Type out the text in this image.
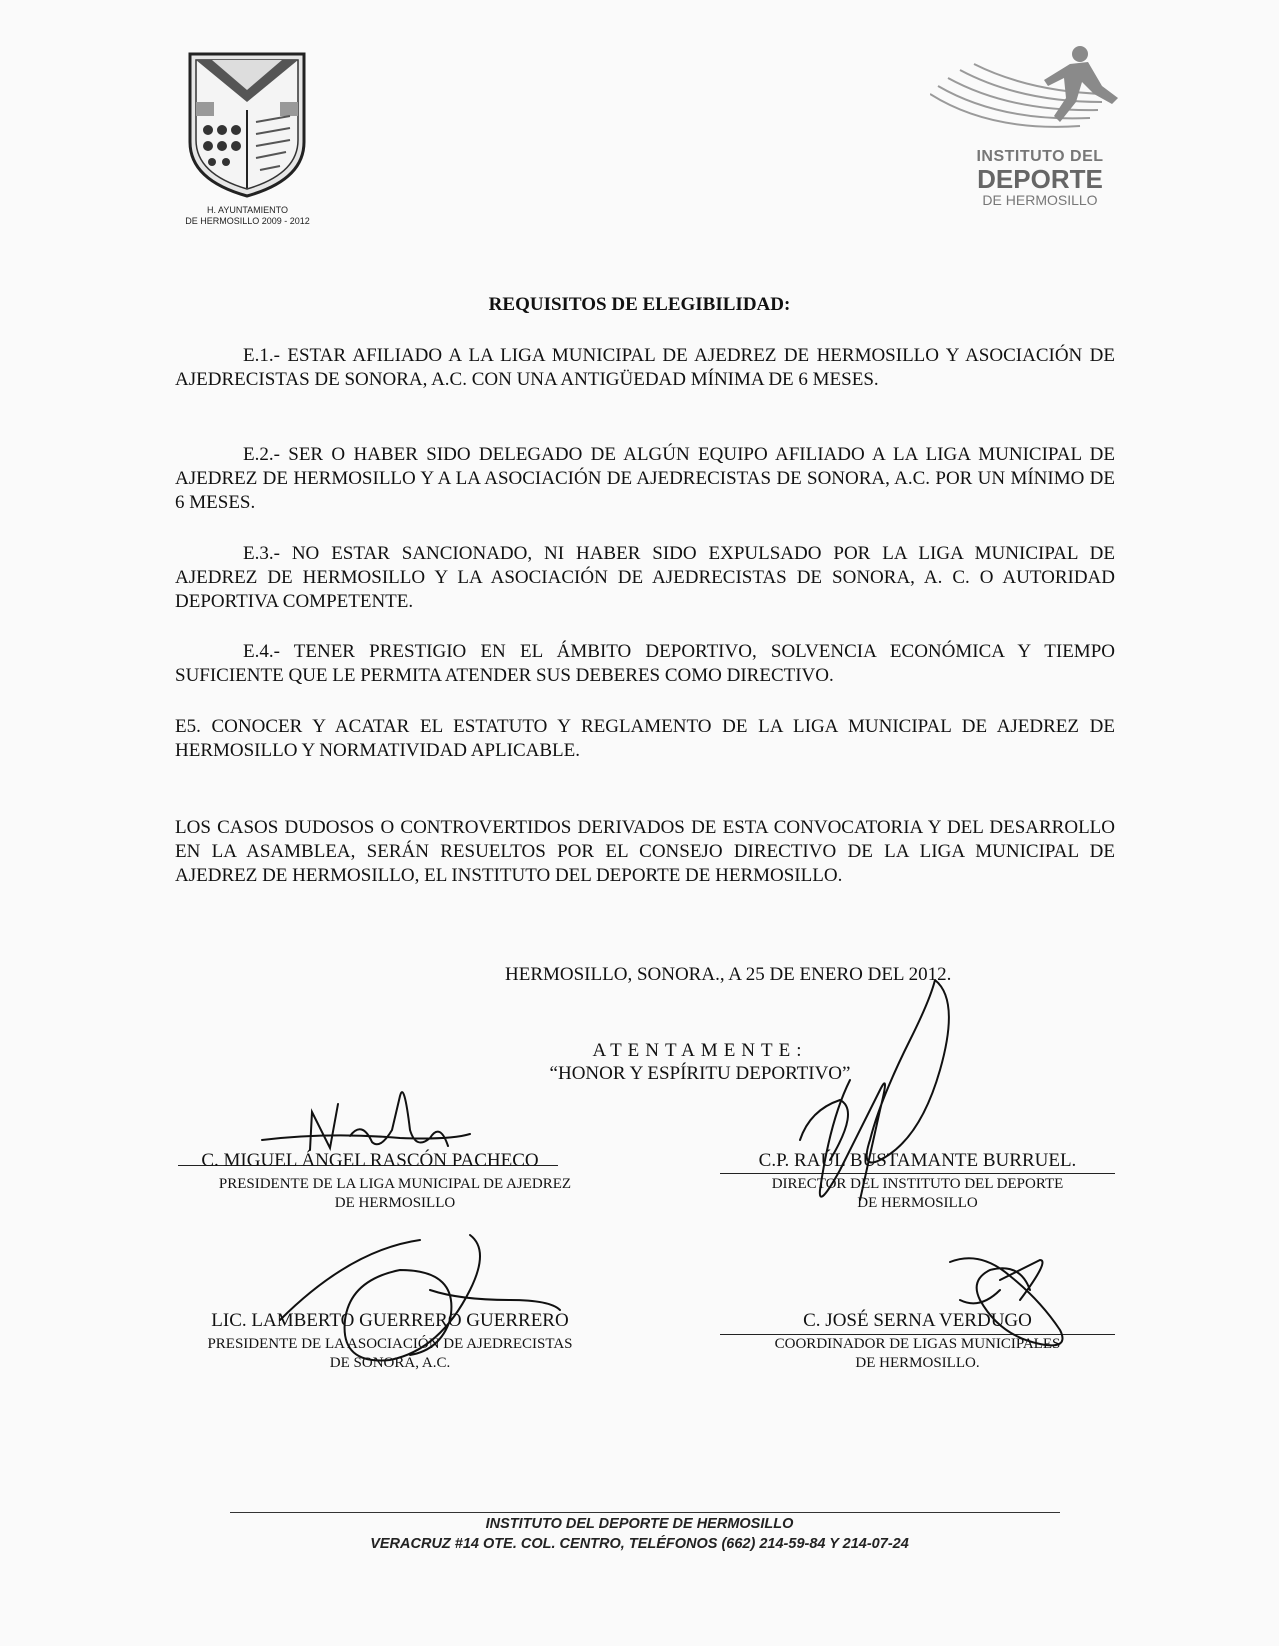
H. AYUNTAMIENTO
DE HERMOSILLO 2009 - 2012
INSTITUTO DEL
DEPORTE
DE HERMOSILLO
REQUISITOS DE ELEGIBILIDAD:
E.1.- ESTAR AFILIADO A LA LIGA MUNICIPAL DE AJEDREZ DE HERMOSILLO Y ASOCIACIÓN DE AJEDRECISTAS DE SONORA, A.C. CON UNA ANTIGÜEDAD MÍNIMA DE 6 MESES.
E.2.- SER O HABER SIDO DELEGADO DE ALGÚN EQUIPO AFILIADO A LA LIGA MUNICIPAL DE AJEDREZ DE HERMOSILLO Y A LA ASOCIACIÓN DE AJEDRECISTAS DE SONORA, A.C. POR UN MÍNIMO DE 6 MESES.
E.3.- NO ESTAR SANCIONADO, NI HABER SIDO EXPULSADO POR LA LIGA MUNICIPAL DE AJEDREZ DE HERMOSILLO Y LA ASOCIACIÓN DE AJEDRECISTAS DE SONORA, A. C. O AUTORIDAD DEPORTIVA COMPETENTE.
E.4.- TENER PRESTIGIO EN EL ÁMBITO DEPORTIVO, SOLVENCIA ECONÓMICA Y TIEMPO SUFICIENTE QUE LE PERMITA ATENDER SUS DEBERES COMO DIRECTIVO.
E5. CONOCER Y ACATAR EL ESTATUTO Y REGLAMENTO DE LA LIGA MUNICIPAL DE AJEDREZ DE HERMOSILLO Y NORMATIVIDAD APLICABLE.
LOS CASOS DUDOSOS O CONTROVERTIDOS DERIVADOS DE ESTA CONVOCATORIA Y DEL DESARROLLO EN LA ASAMBLEA, SERÁN RESUELTOS POR EL CONSEJO DIRECTIVO DE LA LIGA MUNICIPAL DE AJEDREZ DE HERMOSILLO, EL INSTITUTO DEL DEPORTE DE HERMOSILLO.
HERMOSILLO, SONORA., A 25 DE ENERO DEL 2012.
ATENTAMENTE:
“HONOR Y ESPÍRITU DEPORTIVO”
C. MIGUEL ÁNGEL RASCÓN PACHECO
PRESIDENTE DE LA LIGA MUNICIPAL DE AJEDREZ
DE HERMOSILLO
C.P. RAÚL BUSTAMANTE BURRUEL.
DIRECTOR DEL INSTITUTO DEL DEPORTE
DE HERMOSILLO
LIC. LAMBERTO GUERRERO GUERRERO
PRESIDENTE DE LA ASOCIACIÓN DE AJEDRECISTAS
DE SONORA, A.C.
C. JOSÉ SERNA VERDUGO
COORDINADOR DE LIGAS MUNICIPALES
DE HERMOSILLO.
INSTITUTO DEL DEPORTE DE HERMOSILLO
VERACRUZ #14 OTE. COL. CENTRO, TELÉFONOS (662) 214-59-84 Y 214-07-24
